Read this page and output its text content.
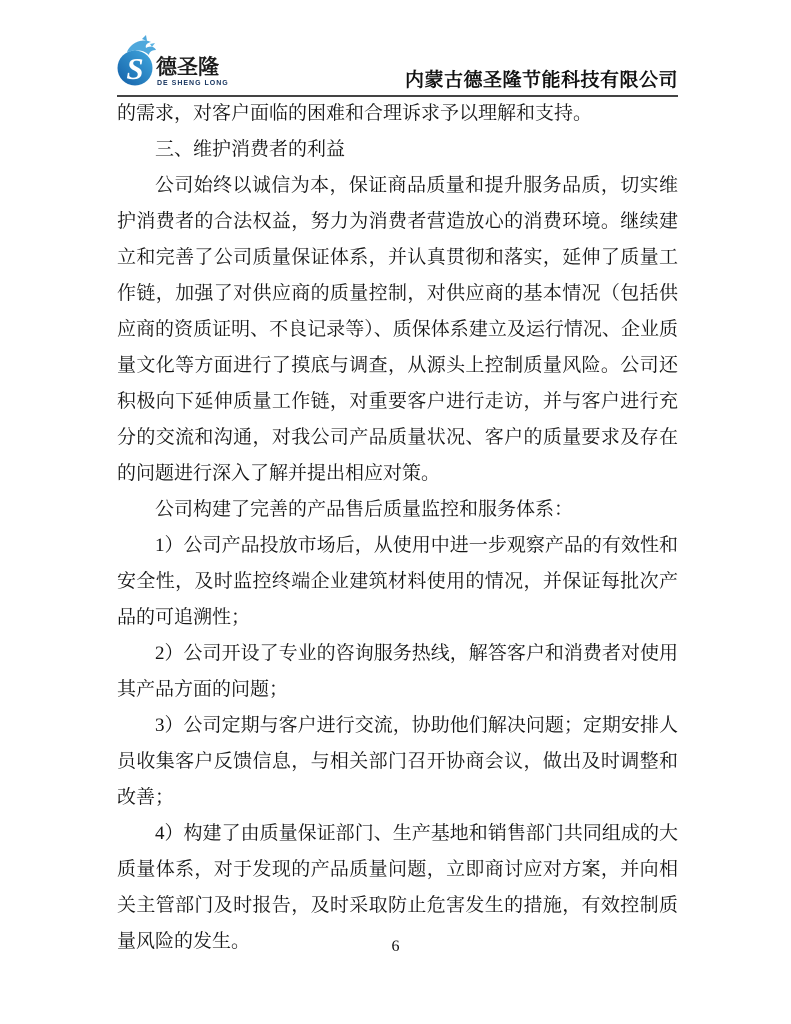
S 德圣隆
DE SHENG LONG	内蒙古德圣隆节能科技有限公司

的需求，对客户面临的困难和合理诉求予以理解和支持。

三、维护消费者的利益

公司始终以诚信为本，保证商品质量和提升服务品质，切实维护消费者的合法权益，努力为消费者营造放心的消费环境。继续建立和完善了公司质量保证体系，并认真贯彻和落实，延伸了质量工作链，加强了对供应商的质量控制，对供应商的基本情况（包括供应商的资质证明、不良记录等）、质保体系建立及运行情况、企业质量文化等方面进行了摸底与调查，从源头上控制质量风险。公司还积极向下延伸质量工作链，对重要客户进行走访，并与客户进行充分的交流和沟通，对我公司产品质量状况、客户的质量要求及存在的问题进行深入了解并提出相应对策。

公司构建了完善的产品售后质量监控和服务体系：

1）公司产品投放市场后，从使用中进一步观察产品的有效性和安全性，及时监控终端企业建筑材料使用的情况，并保证每批次产品的可追溯性；

2）公司开设了专业的咨询服务热线，解答客户和消费者对使用其产品方面的问题；

3）公司定期与客户进行交流，协助他们解决问题；定期安排人员收集客户反馈信息，与相关部门召开协商会议，做出及时调整和改善；

4）构建了由质量保证部门、生产基地和销售部门共同组成的大质量体系，对于发现的产品质量问题，立即商讨应对方案，并向相关主管部门及时报告，及时采取防止危害发生的措施，有效控制质量风险的发生。	6
